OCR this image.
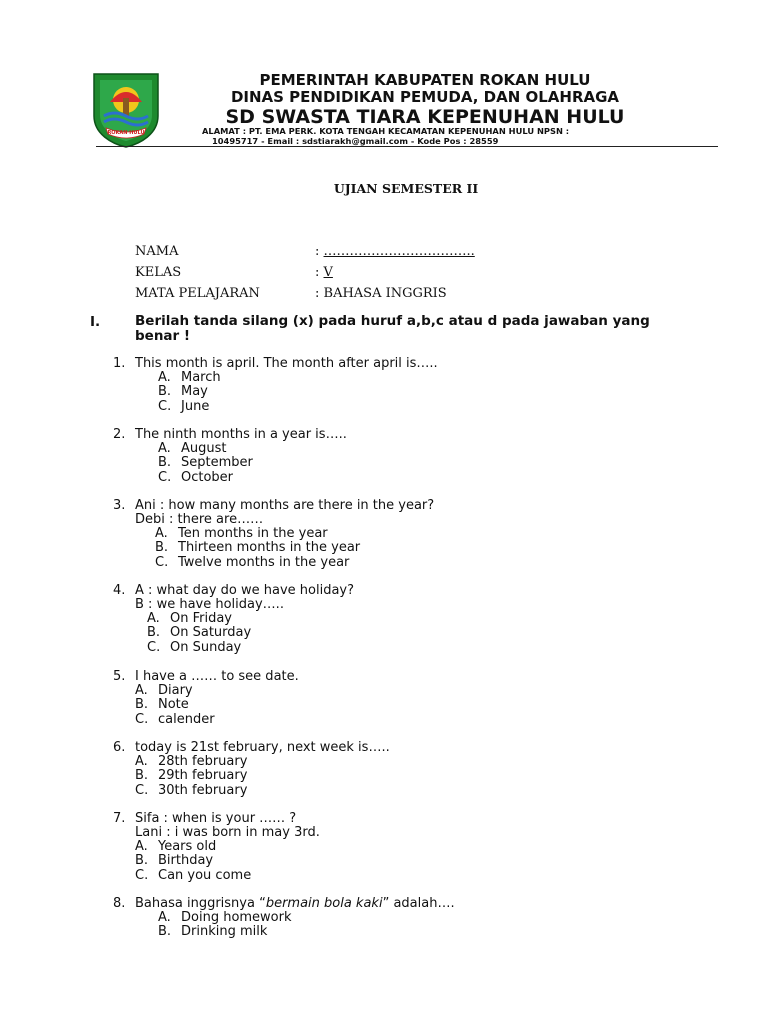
ROKAN HULU
PEMERINTAH KABUPATEN ROKAN HULU
DINAS PENDIDIKAN PEMUDA, DAN OLAHRAGA
SD SWASTA TIARA KEPENUHAN HULU
ALAMAT : PT. EMA PERK. KOTA TENGAH KECAMATAN KEPENUHAN HULU NPSN :
10495717 - Email : sdstiarakh@gmail.com - Kode Pos : 28559
UJIAN SEMESTER II
NAMA	: ……………………………..
KELAS	: V
MATA PELAJARAN	: BAHASA INGGRIS
I.	Berilah tanda silang (x) pada huruf a,b,c atau d pada jawaban yang benar !
1. This month is april. The month after april is…..
A. March
B. May
C. June
2. The ninth months in a year is…..
A. August
B. September
C. October
3. Ani : how many months are there in the year?
Debi : there are……
A. Ten months in the year
B. Thirteen months in the year
C. Twelve months in the year
4. A : what day do we have holiday?
B : we have holiday…..
A. On Friday
B. On Saturday
C. On Sunday
5. I have a …… to see date.
A. Diary
B. Note
C. calender
6. today is 21st february, next week is…..
A. 28th february
B. 29th february
C. 30th february
7. Sifa : when is your …… ?
Lani : i was born in may 3rd.
A. Years old
B. Birthday
C. Can you come
8. Bahasa inggrisnya “bermain bola kaki” adalah….
A. Doing homework
B. Drinking milk
